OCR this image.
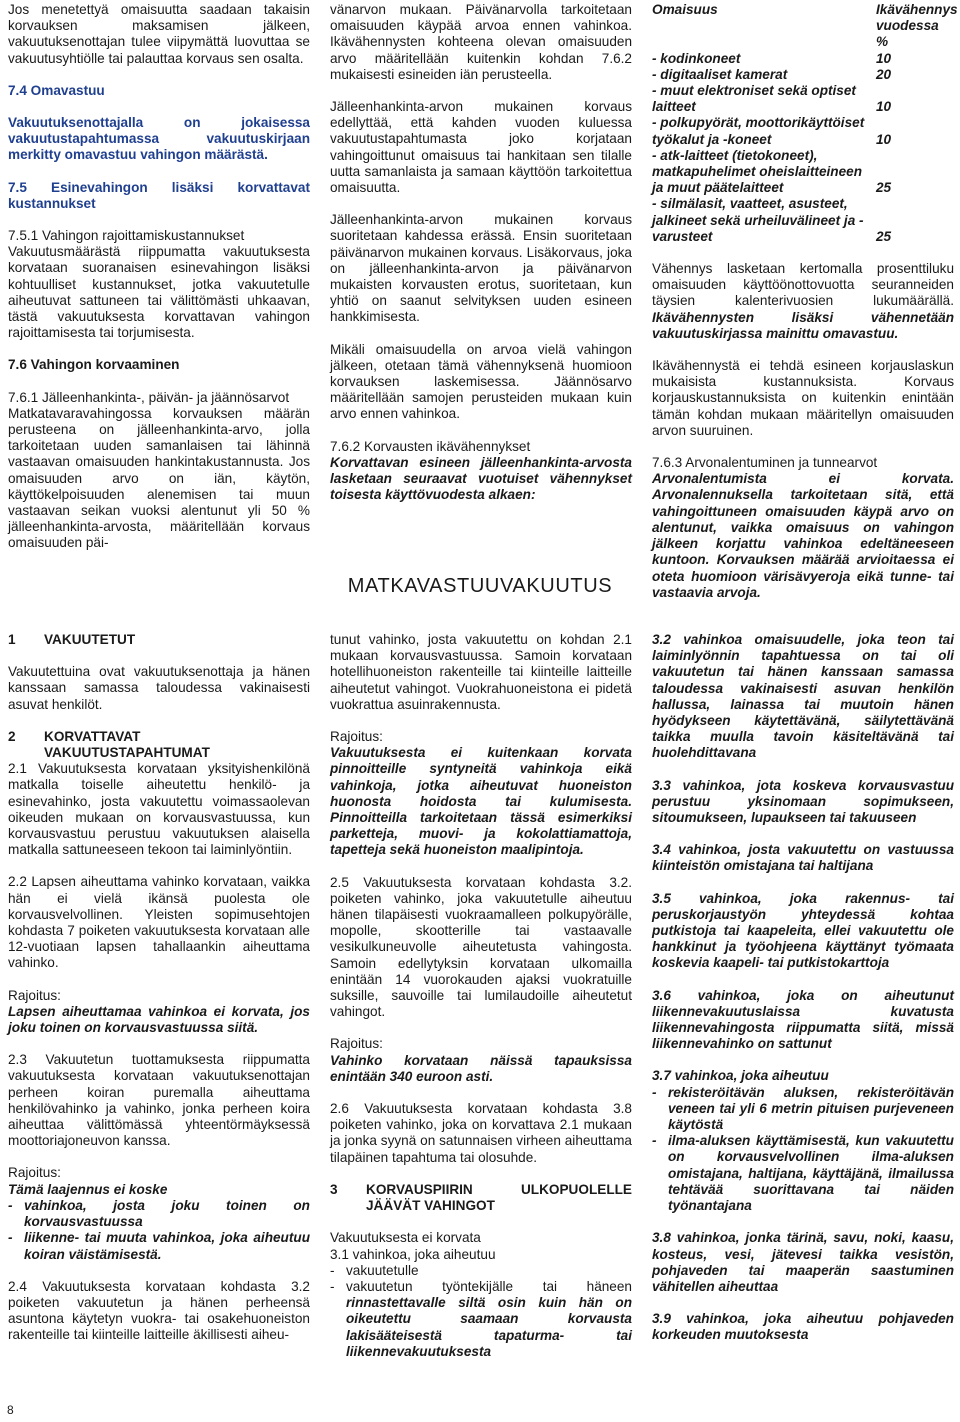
Jos menetettyä omaisuutta saadaan takaisin korvauksen maksamisen jälkeen, vakuutuksenottajan tulee viipymättä luovuttaa se vakuutusyhtiölle tai palauttaa korvaus sen osalta.

7.4 Omavastuu

Vakuutuksenottajalla on jokaisessa vakuutustapahtumassa vakuutuskirjaan merkitty omavastuu vahingon määrästä.

7.5 Esinevahingon lisäksi korvattavat kustannukset

7.5.1 Vahingon rajoittamiskustannukset

Vakuutusmäärästä riippumatta vakuutuksesta korvataan suoranaisen esinevahingon lisäksi kohtuulliset kustannukset, jotka vakuutetulle aiheutuvat sattuneen tai välittömästi uhkaavan, tästä vakuutuksesta korvattavan vahingon rajoittamisesta tai torjumisesta.

7.6 Vahingon korvaaminen

7.6.1 Jälleenhankinta-, päivän- ja jäännösarvot

Matkatavaravahingossa korvauksen määrän perusteena on jälleenhankinta-arvo, jolla tarkoitetaan uuden samanlaisen tai lähinnä vastaavan omaisuuden hankintakustannusta. Jos omaisuuden arvo on iän, käytön, käyttökelpoisuuden alenemisen tai muun vastaavan seikan vuoksi alentunut yli 50 % jälleenhankinta-arvosta, määritellään korvaus omaisuuden päi-

vänarvon mukaan. Päivänarvolla tarkoitetaan omaisuuden käypää arvoa ennen vahinkoa. Ikävähennysten kohteena olevan omaisuuden arvo määritellään kuitenkin kohdan 7.6.2 mukaisesti esineiden iän perusteella.

Jälleenhankinta-arvon mukainen korvaus edellyttää, että kahden vuoden kuluessa vakuutustapahtumasta joko korjataan vahingoittunut omaisuus tai hankitaan sen tilalle uutta samanlaista ja samaan käyttöön tarkoitettua omaisuutta.

Jälleenhankinta-arvon mukainen korvaus suoritetaan kahdessa erässä. Ensin suoritetaan päivänarvon mukainen korvaus. Lisäkorvaus, joka on jälleenhankinta-arvon ja päivänarvon mukaisten korvausten erotus, suoritetaan, kun yhtiö on saanut selvityksen uuden esineen hankkimisesta.

Mikäli omaisuudella on arvoa vielä vahingon jälkeen, otetaan tämä vähennyksenä huomioon korvauksen laskemisessa. Jäännösarvo määritellään samojen perusteiden mukaan kuin arvo ennen vahinkoa.

7.6.2 Korvausten ikävähennykset

Korvattavan esineen jälleenhankinta-arvosta lasketaan seuraavat vuotuiset vähennykset toisesta käyttövuodesta alkaen:

Omaisuus	Ikävähennys vuodessa %
- kodinkoneet	10
- digitaaliset kamerat	20
- muut elektroniset sekä optiset laitteet	10
- polkupyörät, moottorikäyttöiset työkalut ja -koneet	10
- atk-laitteet (tietokoneet), matkapuhelimet oheislaitteineen ja muut päätelaitteet	25
- silmälasit, vaatteet, asusteet, jalkineet sekä urheiluvälineet ja -varusteet	25

Vähennys lasketaan kertomalla prosenttiluku omaisuuden käyttöönottovuotta seuranneiden täysien kalenterivuosien lukumäärällä. Ikävähennysten lisäksi vähennetään vakuutuskirjassa mainittu omavastuu.

Ikävähennystä ei tehdä esineen korjauslaskun mukaisista kustannuksista. Korvaus korjauskustannuksista on kuitenkin enintään tämän kohdan mukaan määritellyn omaisuuden arvon suuruinen.

7.6.3 Arvonalentuminen ja tunnearvot

Arvonalentumista ei korvata. Arvonalennuksella tarkoitetaan sitä, että vahingoittuneen omaisuuden käypä arvo on alentunut, vaikka omaisuus on vahingon jälkeen korjattu vahinkoa edeltäneeseen kuntoon. Korvauksen määrää arvioitaessa ei oteta huomioon värisävyeroja eikä tunne- tai vastaavia arvoja.

MATKAVASTUUVAKUUTUS
1	VAKUUTETUT

Vakuutettuina ovat vakuutuksenottaja ja hänen kanssaan samassa taloudessa vakinaisesti asuvat henkilöt.

2	KORVATTAVAT VAKUUTUSTAPAHTUMAT

2.1 Vakuutuksesta korvataan yksityishenkilönä matkalla toiselle aiheutettu henkilö- ja esinevahinko, josta vakuutettu voimassaolevan oikeuden mukaan on korvausvastuussa, kun korvausvastuu perustuu vakuutuksen alaisella matkalla sattuneeseen tekoon tai laiminlyöntiin.

2.2 Lapsen aiheuttama vahinko korvataan, vaikka hän ei vielä ikänsä puolesta ole korvausvelvollinen. Yleisten sopimusehtojen kohdasta 7 poiketen vakuutuksesta korvataan alle 12-vuotiaan lapsen tahallaankin aiheuttama vahinko.

Rajoitus:

Lapsen aiheuttamaa vahinkoa ei korvata, jos joku toinen on korvausvastuussa siitä.

2.3 Vakuutetun tuottamuksesta riippumatta vakuutuksesta korvataan vakuutuksenottajan perheen koiran puremalla aiheuttama henkilövahinko ja vahinko, jonka perheen koira aiheuttaa välittömässä yhteentörmäyksessä moottoriajoneuvon kanssa.

Rajoitus:

Tämä laajennus ei koske

- vahinkoa, josta joku toinen on korvausvastuussa
- liikenne- tai muuta vahinkoa, joka aiheutuu koiran väistämisestä.

2.4 Vakuutuksesta korvataan kohdasta 3.2 poiketen vakuutetun ja hänen perheensä asuntona käytetyn vuokra- tai osakehuoneiston rakenteille tai kiinteille laitteille äkillisesti aiheu-

tunut vahinko, josta vakuutettu on kohdan 2.1 mukaan korvausvastuussa. Samoin korvataan hotellihuoneiston rakenteille tai kiinteille laitteille aiheutetut vahingot. Vuokrahuoneistona ei pidetä vuokrattua asuinrakennusta.

Rajoitus:

Vakuutuksesta ei kuitenkaan korvata pinnoitteille syntyneitä vahinkoja eikä vahinkoja, jotka aiheutuvat huoneiston huonosta hoidosta tai kulumisesta. Pinnoitteilla tarkoitetaan tässä esimerkiksi parketteja, muovi- ja kokolattiamattoja, tapetteja sekä huoneiston maalipintoja.

2.5 Vakuutuksesta korvataan kohdasta 3.2. poiketen vahinko, joka vakuutetulle aiheutuu hänen tilapäisesti vuokraamalleen polkupyörälle, mopolle, skootterille tai vastaavalle vesikulkuneuvolle aiheutetusta vahingosta. Samoin edellytyksin korvataan ulkomailla enintään 14 vuorokauden ajaksi vuokratuille suksille, sauvoille tai lumilaudoille aiheutetut vahingot.

Rajoitus:

Vahinko korvataan näissä tapauksissa enintään 340 euroon asti.

2.6 Vakuutuksesta korvataan kohdasta 3.8 poiketen vahinko, joka on korvattava 2.1 mukaan ja jonka syynä on satunnaisen virheen aiheuttama tilapäinen tapahtuma tai olosuhde.

3	KORVAUSPIIRIN ULKOPUOLELLE JÄÄVÄT VAHINGOT

Vakuutuksesta ei korvata

3.1 vahinkoa, joka aiheutuu

- vakuutetulle
- vakuutetun työntekijälle tai häneen rinnastettavalle siltä osin kuin hän on oikeutettu saamaan korvausta lakisääteisestä tapaturma- tai liikennevakuutuksesta

3.2 vahinkoa omaisuudelle, joka teon tai laiminlyönnin tapahtuessa on tai oli vakuutetun tai hänen kanssaan samassa taloudessa vakinaisesti asuvan henkilön hallussa, lainassa tai muutoin hänen hyödykseen käytettävänä, säilytettävänä taikka muulla tavoin käsiteltävänä tai huolehdittavana

3.3 vahinkoa, jota koskeva korvausvastuu perustuu yksinomaan sopimukseen, sitoumukseen, lupaukseen tai takuuseen

3.4 vahinkoa, josta vakuutettu on vastuussa kiinteistön omistajana tai haltijana

3.5 vahinkoa, joka rakennus- tai peruskorjaustyön yhteydessä kohtaa putkistoja tai kaapeleita, ellei vakuutettu ole hankkinut ja työohjeena käyttänyt työmaata koskevia kaapeli- tai putkistokarttoja

3.6 vahinkoa, joka on aiheutunut liikennevakuutuslaissa kuvatusta liikennevahingosta riippumatta siitä, missä liikennevahinko on sattunut

3.7 vahinkoa, joka aiheutuu

- rekisteröitävän aluksen, rekisteröitävän veneen tai yli 6 metrin pituisen purjeveneen käytöstä
- ilma-aluksen käyttämisestä, kun vakuutettu on korvausvelvollinen ilma-aluksen omistajana, haltijana, käyttäjänä, ilmailussa tehtävää suorittavana tai näiden työnantajana

3.8 vahinkoa, jonka tärinä, savu, noki, kaasu, kosteus, vesi, jätevesi taikka vesistön, pohjaveden tai maaperän saastuminen vähitellen aiheuttaa

3.9 vahinkoa, joka aiheutuu pohjaveden korkeuden muutoksesta

8
